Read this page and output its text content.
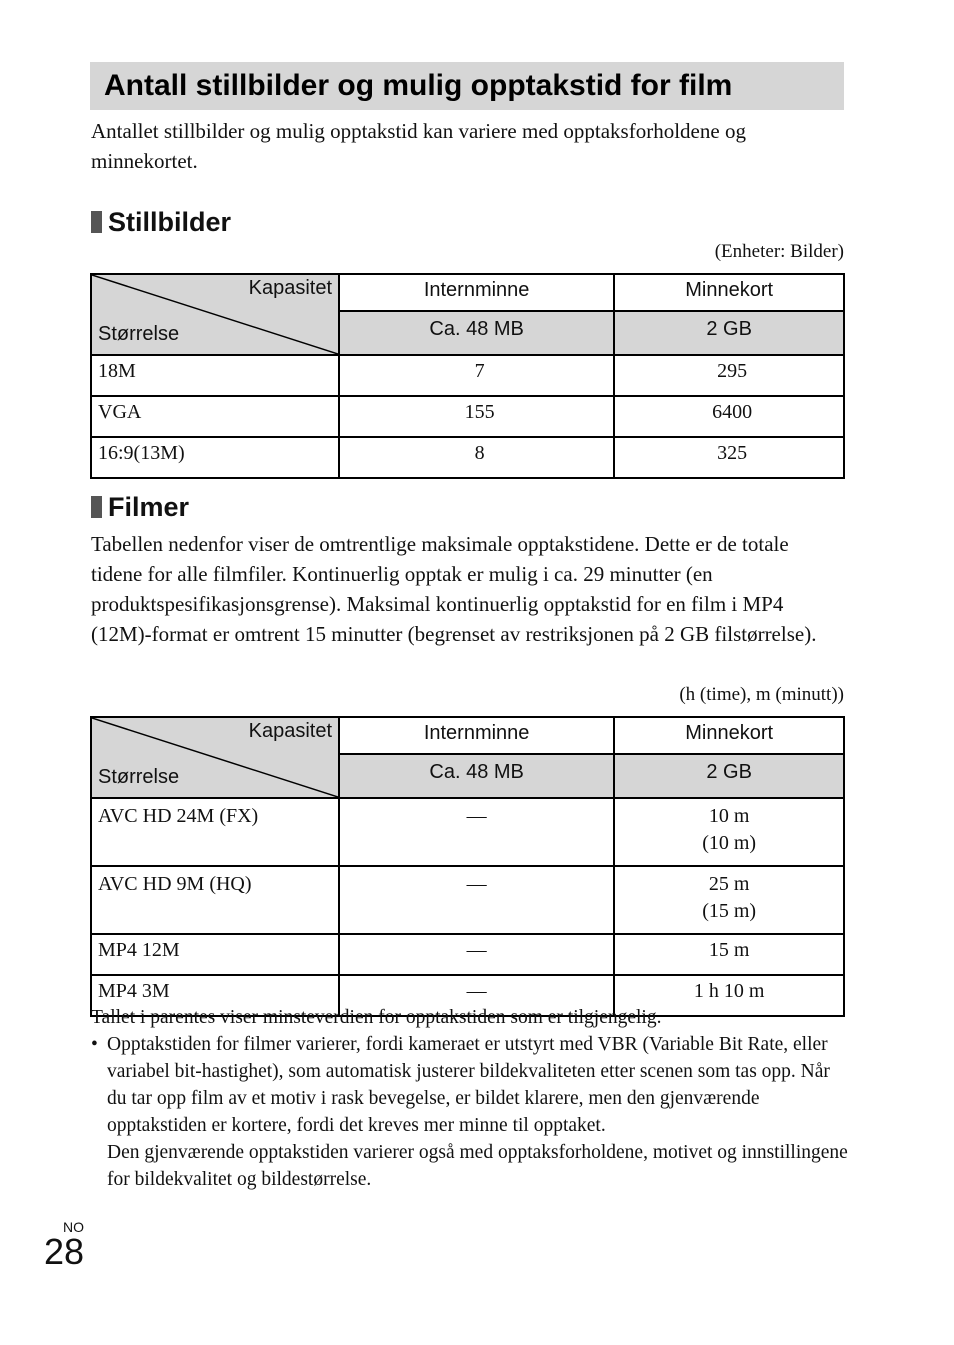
Antall stillbilder og mulig opptakstid for film

Antallet stillbilder og mulig opptakstid kan variere med opptaksforholdene og minnekortet.

Stillbilder

(Enheter: Bilder)

Kapasitet
Størrelse	Internminne	Minnekort
	Ca. 48 MB	2 GB
18M	7	295
VGA	155	6400
16:9(13M)	8	325
Filmer

Tabellen nedenfor viser de omtrentlige maksimale opptakstidene. Dette er de totale tidene for alle filmfiler. Kontinuerlig opptak er mulig i ca. 29 minutter (en produktspesifikasjonsgrense). Maksimal kontinuerlig opptakstid for en film i MP4 (12M)-format er omtrent 15 minutter (begrenset av restriksjonen på 2 GB filstørrelse).

(h (time), m (minutt))

Kapasitet
Størrelse	Internminne	Minnekort
	Ca. 48 MB	2 GB
AVC HD 24M (FX)	—	10 m
(10 m)

AVC HD 9M (HQ)	—	25 m
(15 m)

MP4 12M	—	15 m
MP4 3M	—	1 h 10 m

Tallet i parentes viser minsteverdien for opptakstiden som er tilgjengelig.

• Opptakstiden for filmer varierer, fordi kameraet er utstyrt med VBR (Variable Bit Rate, eller variabel bit-hastighet), som automatisk justerer bildekvaliteten etter scenen som tas opp. Når du tar opp film av et motiv i rask bevegelse, er bildet klarere, men den gjenværende opptakstiden er kortere, fordi det kreves mer minne til opptaket.
Den gjenværende opptakstiden varierer også med opptaksforholdene, motivet og innstillingene for bildekvalitet og bildestørrelse.
NO
28
